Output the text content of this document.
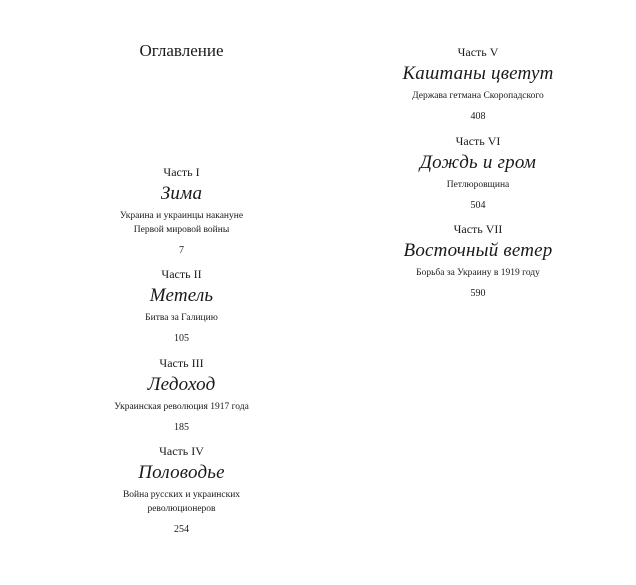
Оглавление
Часть I
Зима
Украина и украинцы накануне
Первой мировой войны
7
Часть II
Метель
Битва за Галицию
105
Часть III
Ледоход
Украинская революция 1917 года
185
Часть IV
Половодье
Война русских и украинских
революционеров
254
Часть V
Каштаны цветут
Держава гетмана Скоропадского
408
Часть VI
Дождь и гром
Петлюровщина
504
Часть VII
Восточный ветер
Борьба за Украину в 1919 году
590
